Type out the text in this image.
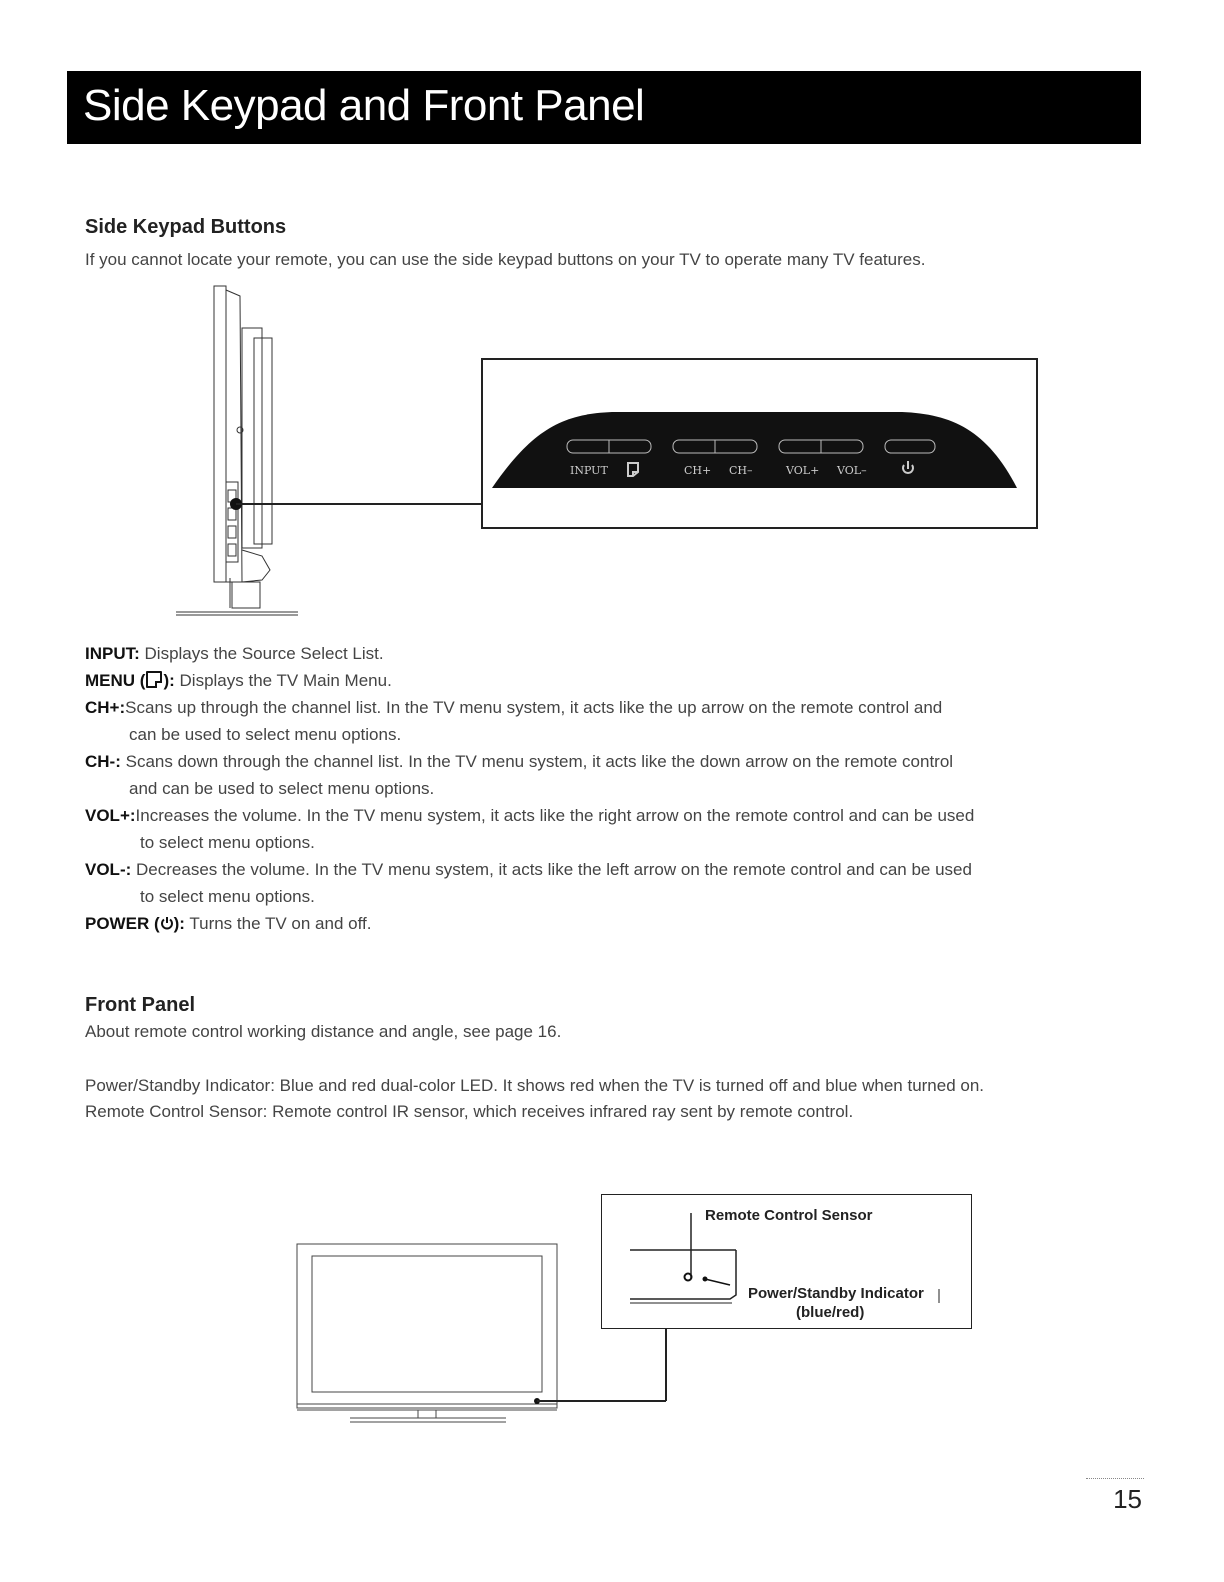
Side Keypad and Front Panel
Side Keypad Buttons
If you cannot locate your remote, you can use the side keypad buttons on your TV to operate many TV features.
INPUT	CH+ CH–	VOL+ VOL–
INPUT: Displays the Source Select List.
MENU ( ): Displays the TV Main Menu.
CH+:Scans up through the channel list. In the TV menu system, it acts like the up arrow on the remote control and
can be used to select menu options.
CH-: Scans down through the channel list. In the TV menu system, it acts like the down arrow on the remote control
and can be used to select menu options.
VOL+:Increases the volume. In the TV menu system, it acts like the right arrow on the remote control and can be used
to select menu options.
VOL-: Decreases the volume. In the TV menu system, it acts like the left arrow on the remote control and can be used
to select menu options.
POWER ( ): Turns the TV on and off.
Front Panel
About remote control working distance and angle, see page 16.
Power/Standby Indicator: Blue and red dual-color LED. It shows red when the TV is turned off and blue when turned on.
Remote Control Sensor: Remote control IR sensor, which receives infrared ray sent by remote control.
Remote Control Sensor
Power/Standby Indicator
(blue/red)
15
